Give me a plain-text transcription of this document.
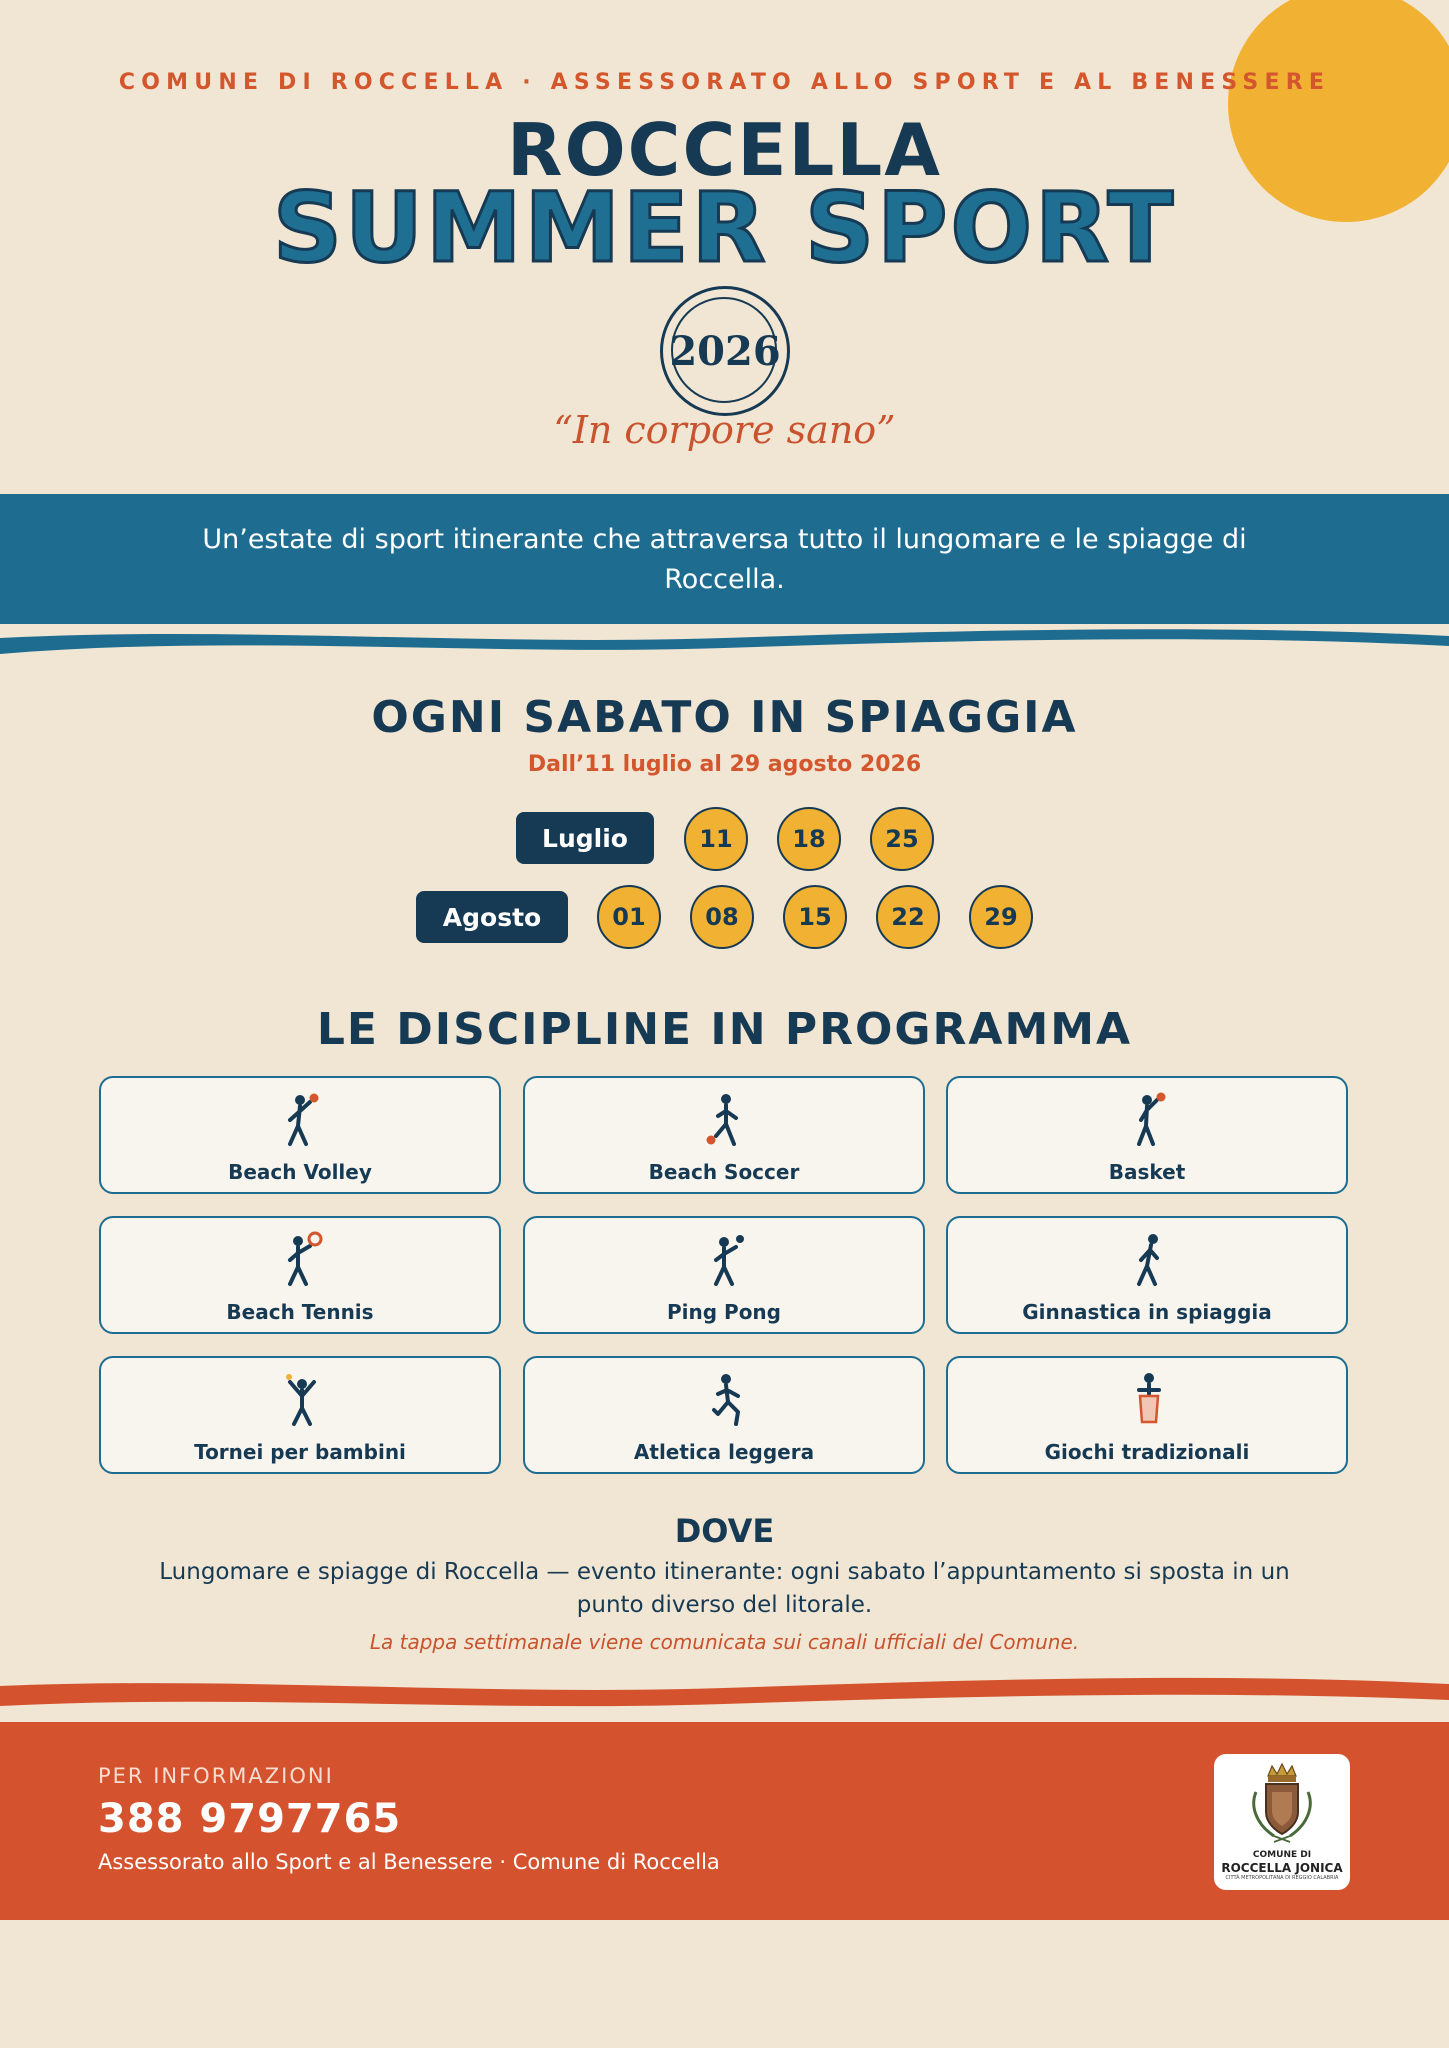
COMUNE DI ROCCELLA · ASSESSORATO ALLO SPORT E AL BENESSERE
ROCCELLA
SUMMER SPORT
2026
“In corpore sano”

Un’estate di sport itinerante che attraversa tutto il lungomare e le spiagge di Roccella.

OGNI SABATO IN SPIAGGIA
Dall’11 luglio al 29 agosto 2026
Luglio	11	18	25
Agosto	01	08	15	22	29
LE DISCIPLINE IN PROGRAMMA
Beach Volley	Beach Soccer	Basket
Beach Tennis	Ping Pong	Ginnastica in spiaggia
Tornei per bambini	Atletica leggera	Giochi tradizionali
DOVE
Lungomare e spiagge di Roccella — evento itinerante: ogni sabato l’appuntamento si sposta in un punto diverso del litorale.
La tappa settimanale viene comunicata sui canali ufficiali del Comune.
PER INFORMAZIONI
388 9797765
Assessorato allo Sport e al Benessere · Comune di Roccella	COMUNE DI
ROCCELLA JONICA
CITTÀ METROPOLITANA DI REGGIO CALABRIA
